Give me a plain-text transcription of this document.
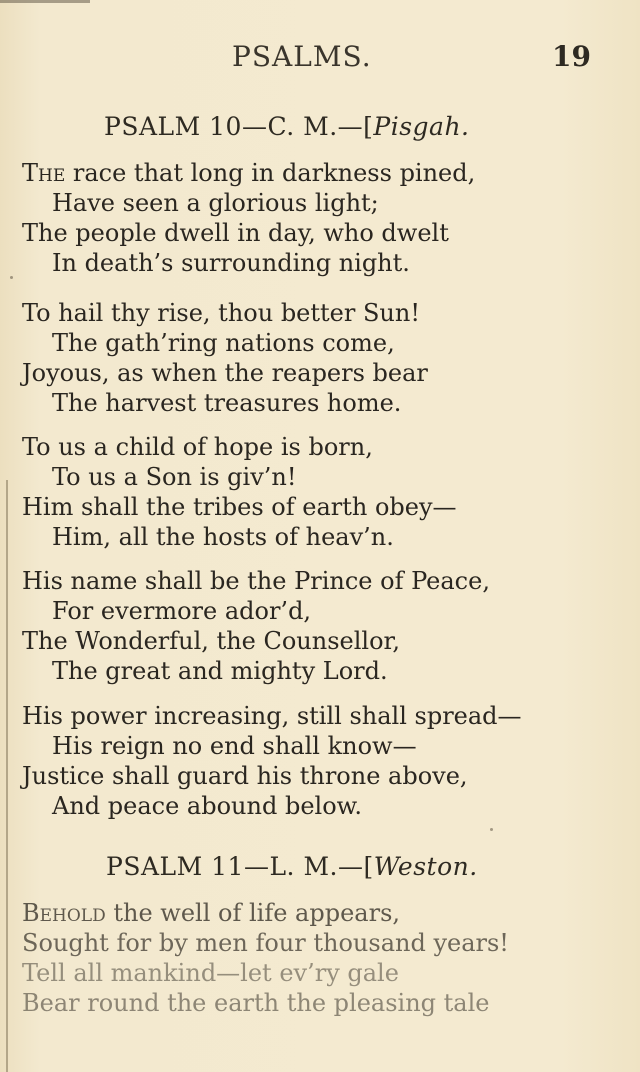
PSALMS.	19
PSALM 10—C. M.—[Pisgah.
The race that long in darkness pined,
Have seen a glorious light;
The people dwell in day, who dwelt
In death’s surrounding night.
To hail thy rise, thou better Sun!
The gath’ring nations come,
Joyous, as when the reapers bear
The harvest treasures home.
To us a child of hope is born,
To us a Son is giv’n!
Him shall the tribes of earth obey—
Him, all the hosts of heav’n.
His name shall be the Prince of Peace,
For evermore ador’d,
The Wonderful, the Counsellor,
The great and mighty Lord.
His power increasing, still shall spread—
His reign no end shall know—
Justice shall guard his throne above,
And peace abound below.
PSALM 11—L. M.—[Weston.
Behold the well of life appears,
Sought for by men four thousand years!
Tell all mankind—let ev’ry gale
Bear round the earth the pleasing tale
